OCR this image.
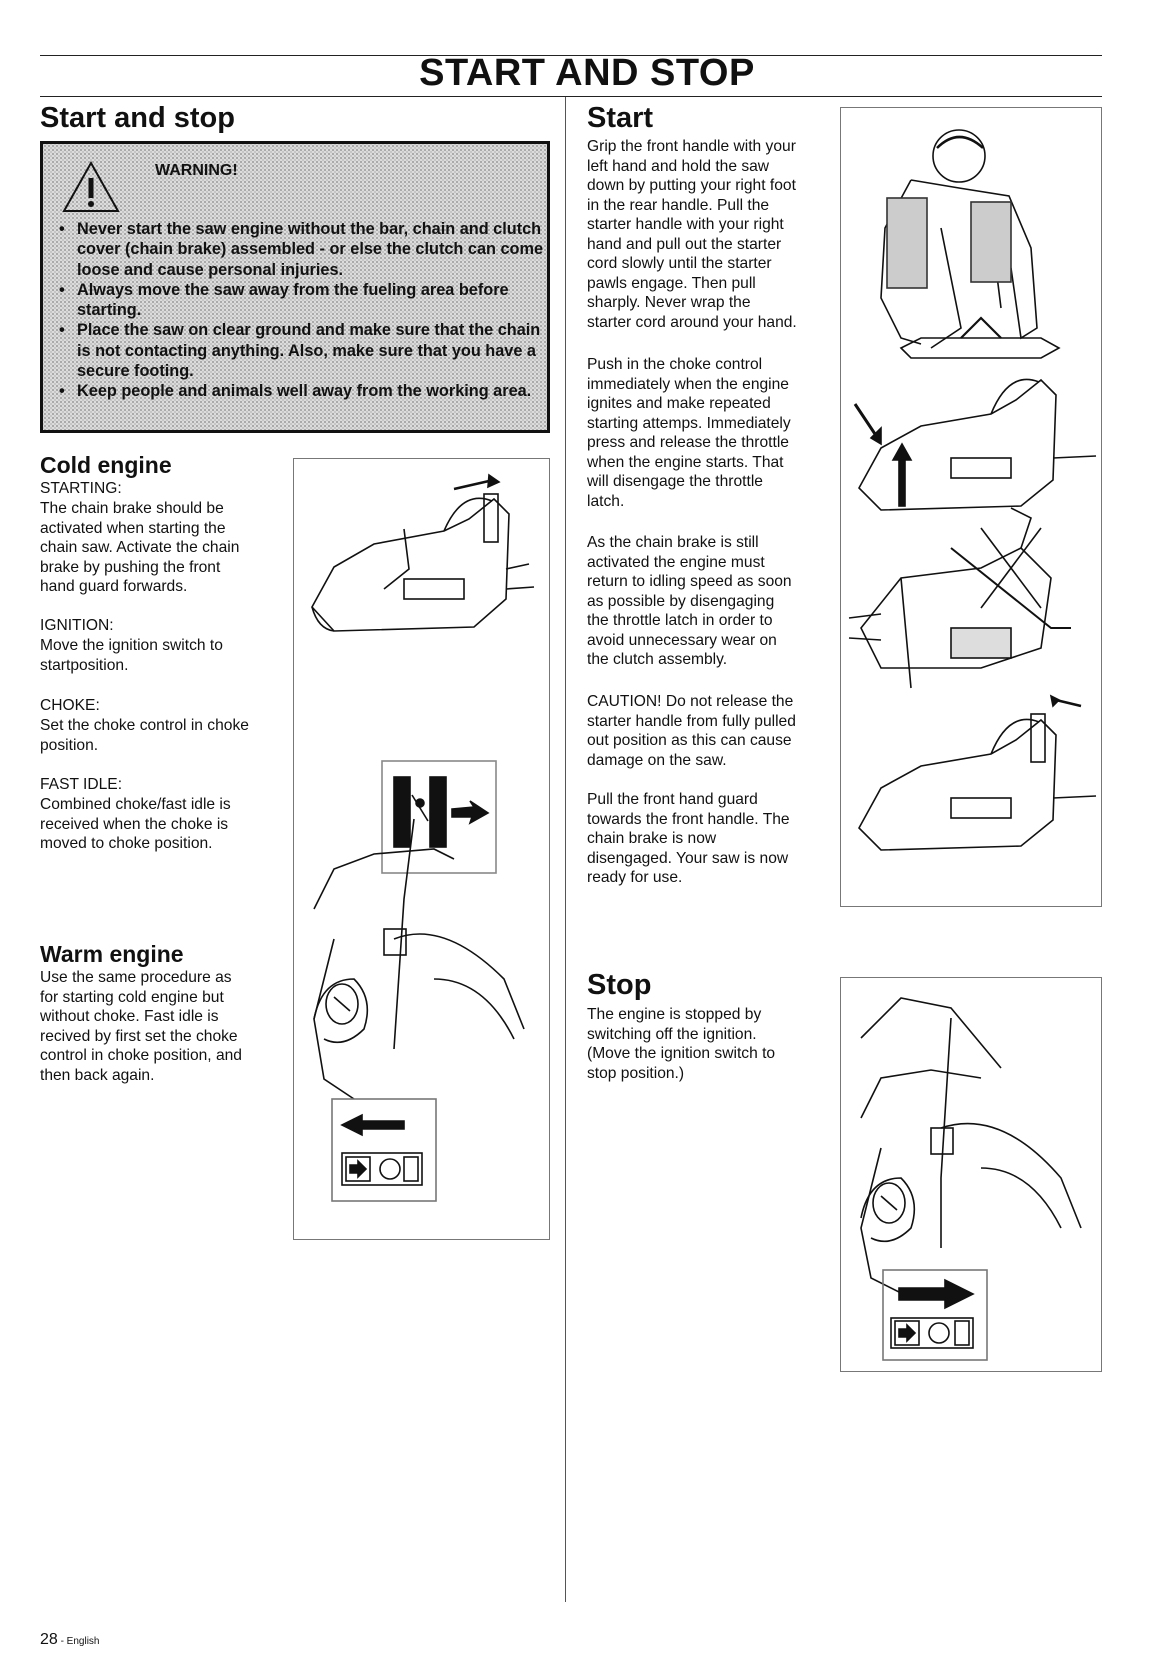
START AND STOP
Start and stop
WARNING!
• Never start the saw engine without the bar, chain and clutch cover (chain brake) assembled - or else the clutch can come loose and cause personal injuries.
• Always move the saw away from the fueling area before starting.
• Place the saw on clear ground and make sure that the chain is not contacting anything. Also, make sure that you have a secure footing.
• Keep people and animals well away from the working area.
Cold engine
STARTING:
The chain brake should be
activated when starting the
chain saw. Activate the chain
brake by pushing the front
hand guard forwards.
IGNITION:
Move the ignition switch to
startposition.
CHOKE:
Set the choke control in choke
position.
FAST IDLE:
Combined choke/fast idle is
received when the choke is
moved to choke position.
Warm engine
Use the same procedure as
for starting cold engine but
without choke. Fast idle is
recived by first set the choke
control in choke position, and
then back again.
Start
Grip the front handle with your
left hand and hold the saw
down by putting your right foot
in the rear handle. Pull the
starter handle with your right
hand and pull out the starter
cord slowly until the starter
pawls engage. Then pull
sharply. Never wrap the
starter cord around your hand.
Push in the choke control
immediately when the engine
ignites and make repeated
starting attemps. Immediately
press and release the throttle
when the engine starts. That
will disengage the throttle
latch.
As the chain brake is still
activated the engine must
return to idling speed as soon
as possible by disengaging
the throttle latch in order to
avoid unnecessary wear on
the clutch assembly.
CAUTION! Do not release the
starter handle from fully pulled
out position as this can cause
damage on the saw.
Pull the front hand guard
towards the front handle. The
chain brake is now
disengaged. Your saw is now
ready for use.
Stop
The engine is stopped by
switching off the ignition.
(Move the ignition switch to
stop position.)
28 - English
